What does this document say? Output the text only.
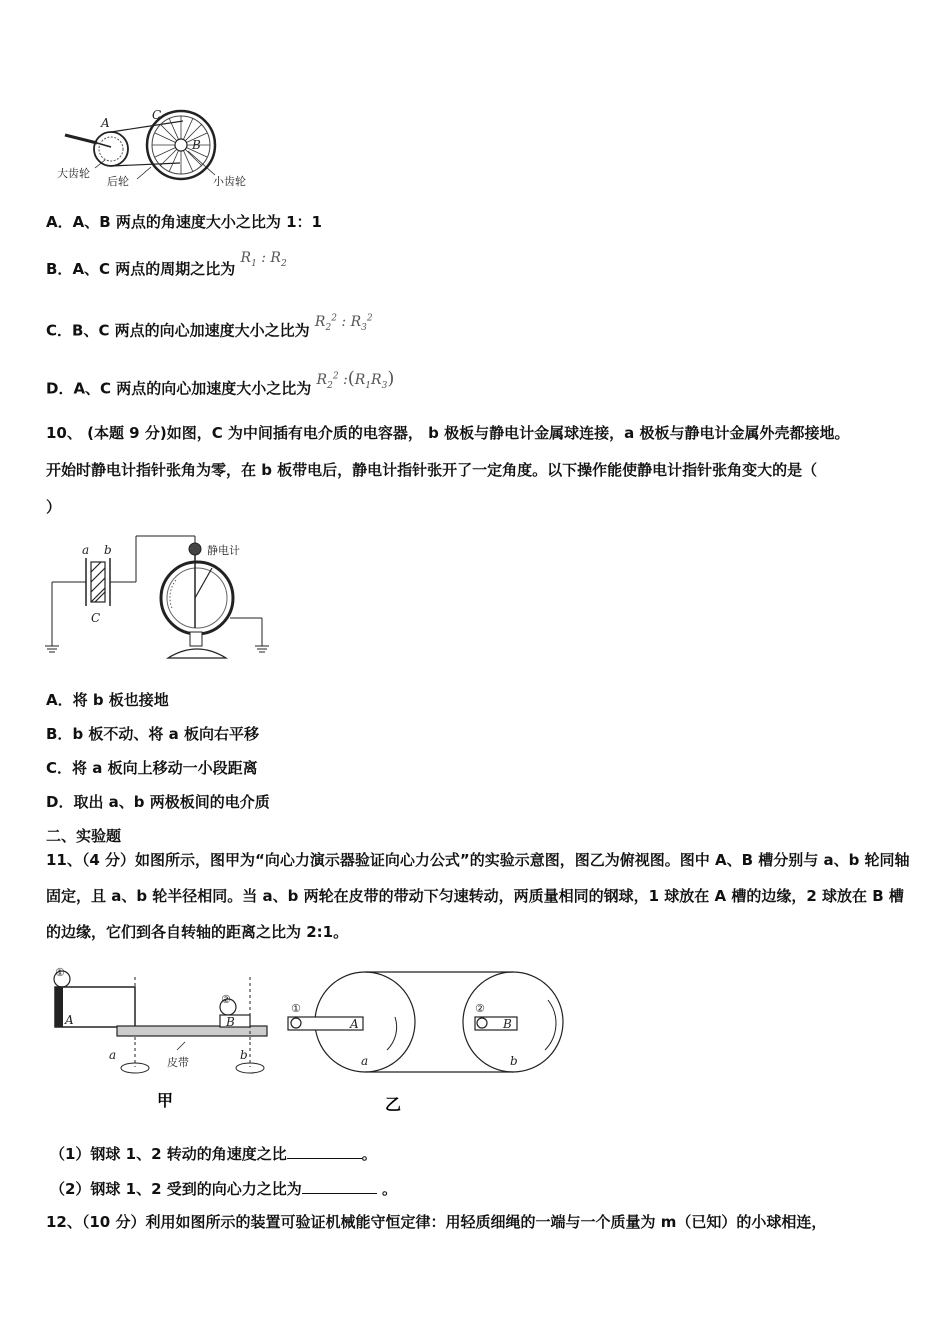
A
C
B
大齿轮
后轮	小齿轮
A．A、B 两点的角速度大小之比为 1：1
B．A、C 两点的周期之比为 $R_1$ : $R_2$
C．B、C 两点的向心加速度大小之比为 $R_2^2$ : $R_3^2$
D．A、C 两点的向心加速度大小之比为 $R_2^2$ $:(R_1R_3)$
10、 (本题 9 分)如图，C 为中间插有电介质的电容器， b 极板与静电计金属球连接，a 极板与静电计金属外壳都接地。
开始时静电计指针张角为零，在 b 板带电后，静电计指针张开了一定角度。以下操作能使静电计指针张角变大的是（
）
a b
C
静电计
A．将 b 板也接地
B．b 板不动、将 a 板向右平移
C．将 a 板向上移动一小段距离
D．取出 a、b 两极板间的电介质
二、实验题
11、（4 分）如图所示，图甲为“向心力演示器验证向心力公式”的实验示意图，图乙为俯视图。图中 A、B 槽分别与 a、b 轮同轴固定，且 a、b 轮半径相同。当 a、b 两轮在皮带的带动下匀速转动，两质量相同的钢球，1 球放在 A 槽的边缘，2 球放在 B 槽的边缘，它们到各自转轴的距离之比为 2:1。
①
A
②
B
a	b
皮带
甲
①
A
②
B
a	b
乙
（1）钢球 1、2 转动的角速度之比	。
（2）钢球 1、2 受到的向心力之比为	。
12、（10 分）利用如图所示的装置可验证机械能守恒定律：用轻质细绳的一端与一个质量为 m（已知）的小球相连，
